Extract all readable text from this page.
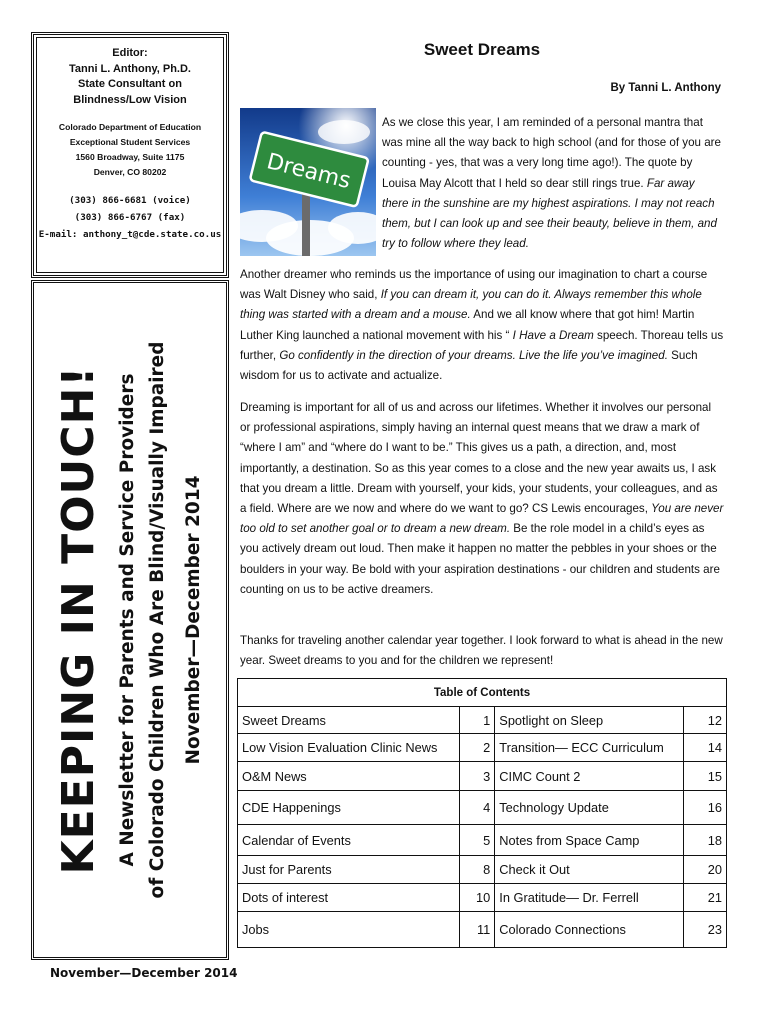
Editor:
Tanni L. Anthony, Ph.D.
State Consultant on
Blindness/Low Vision
Colorado Department of Education
Exceptional Student Services
1560 Broadway, Suite 1175
Denver, CO 80202
(303) 866-6681 (voice)
(303) 866-6767 (fax)
E-mail: anthony_t@cde.state.co.us
KEEPING IN TOUCH! A Newsletter for Parents and Service Providers of Colorado Children Who Are Blind/Visually Impaired November—December 2014
November—December 2014
Sweet Dreams
By Tanni L. Anthony
Dreams

As we close this year, I am reminded of a personal mantra that was mine all the way back to high school (and for those of you are counting - yes, that was a very long time ago!). The quote by Louisa May Alcott that I held so dear still rings true. Far away there in the sunshine are my highest aspirations. I may not reach them, but I can look up and see their beauty, believe in them, and try to follow where they lead.

Another dreamer who reminds us the importance of using our imagination to chart a course was Walt Disney who said, If you can dream it, you can do it. Always remember this whole thing was started with a dream and a mouse. And we all know where that got him! Martin Luther King launched a national movement with his “ I Have a Dream speech. Thoreau tells us further, Go confidently in the direction of your dreams. Live the life you’ve imagined. Such wisdom for us to activate and actualize.

Dreaming is important for all of us and across our lifetimes. Whether it involves our personal or professional aspirations, simply having an internal quest means that we draw a mark of “where I am” and “where do I want to be.” This gives us a path, a direction, and, most importantly, a destination. So as this year comes to a close and the new year awaits us, I ask that you dream a little. Dream with yourself, your kids, your students, your colleagues, and as a field. Where are we now and where do we want to go? CS Lewis encourages, You are never too old to set another goal or to dream a new dream. Be the role model in a child’s eyes as you actively dream out loud. Then make it happen no matter the pebbles in your shoes or the boulders in your way. Be bold with your aspiration destinations - our children and students are counting on us to be active dreamers.

Thanks for traveling another calendar year together. I look forward to what is ahead in the new year. Sweet dreams to you and for the children we represent!

Table of Contents			
Sweet Dreams	1	Spotlight on Sleep	12
Low Vision Evaluation Clinic News	2	Transition— ECC Curriculum	14
O&M News	3	CIMC Count 2	15
CDE Happenings	4	Technology Update	16
Calendar of Events	5	Notes from Space Camp	18
Just for Parents	8	Check it Out	20
Dots of interest	10	In Gratitude— Dr. Ferrell	21
Jobs	11	Colorado Connections	23
